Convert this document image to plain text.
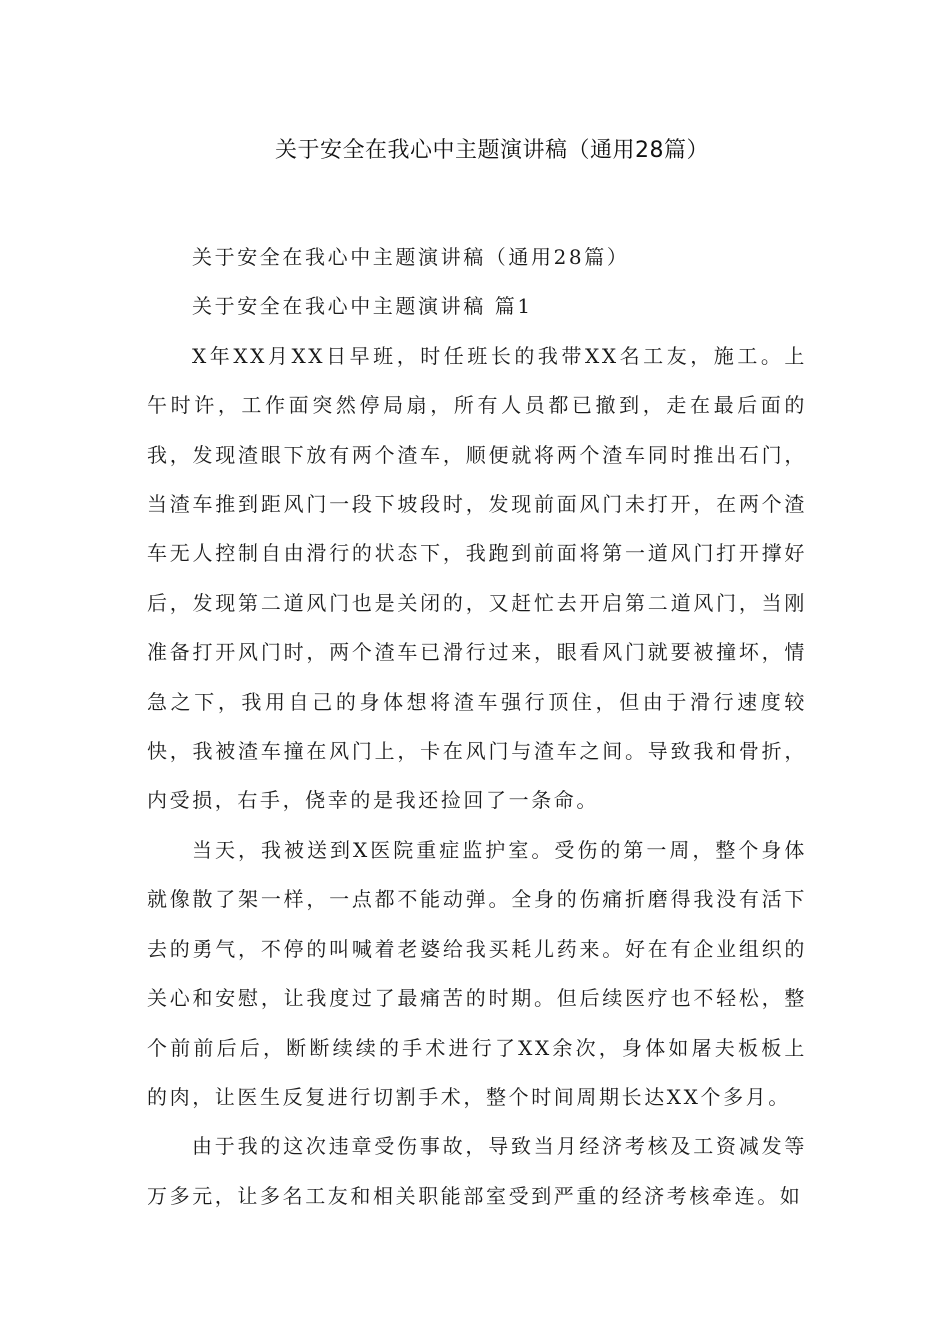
关于安全在我心中主题演讲稿（通用28篇）

关于安全在我心中主题演讲稿（通用28篇）

关于安全在我心中主题演讲稿 篇1

X年XX月XX日早班，时任班长的我带XX名工友，施工。上午时许，工作面突然停局扇，所有人员都已撤到，走在最后面的我，发现渣眼下放有两个渣车，顺便就将两个渣车同时推出石门，当渣车推到距风门一段下坡段时，发现前面风门未打开，在两个渣车无人控制自由滑行的状态下，我跑到前面将第一道风门打开撑好后，发现第二道风门也是关闭的，又赶忙去开启第二道风门，当刚准备打开风门时，两个渣车已滑行过来，眼看风门就要被撞坏，情急之下，我用自己的身体想将渣车强行顶住，但由于滑行速度较快，我被渣车撞在风门上，卡在风门与渣车之间。导致我和骨折，内受损，右手，侥幸的是我还捡回了一条命。

当天，我被送到X医院重症监护室。受伤的第一周，整个身体就像散了架一样，一点都不能动弹。全身的伤痛折磨得我没有活下去的勇气，不停的叫喊着老婆给我买耗儿药来。好在有企业组织的关心和安慰，让我度过了最痛苦的时期。但后续医疗也不轻松，整个前前后后，断断续续的手术进行了XX余次，身体如屠夫板板上的肉，让医生反复进行切割手术，整个时间周期长达XX个多月。

由于我的这次违章受伤事故，导致当月经济考核及工资减发等万多元，让多名工友和相关职能部室受到严重的经济考核牵连。如
